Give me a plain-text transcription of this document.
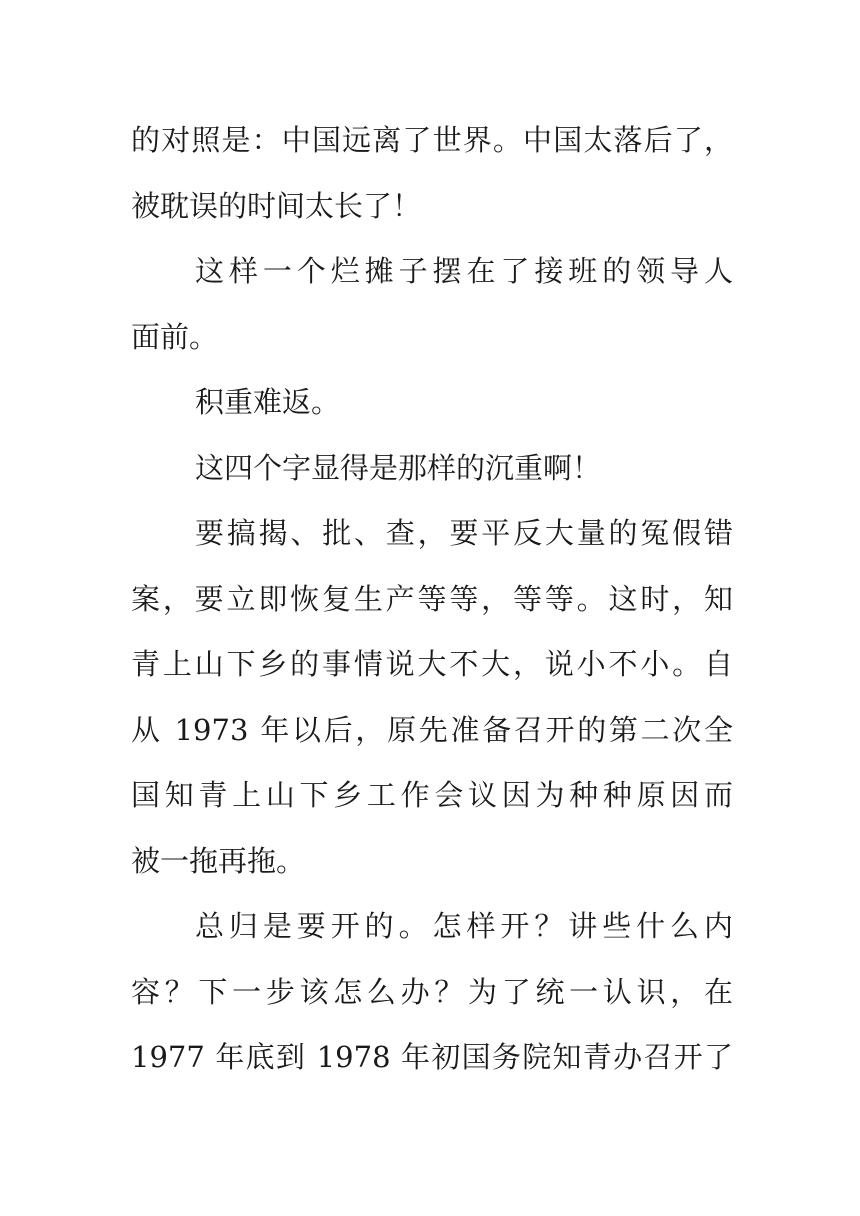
的对照是：中国远离了世界。中国太落后了，
被耽误的时间太长了！
这样一个烂摊子摆在了接班的领导人
面前。
积重难返。
这四个字显得是那样的沉重啊！
要搞揭、批、查，要平反大量的冤假错
案，要立即恢复生产等等，等等。这时，知
青上山下乡的事情说大不大，说小不小。自
从 1973 年以后，原先准备召开的第二次全
国知青上山下乡工作会议因为种种原因而
被一拖再拖。
总归是要开的。怎样开？讲些什么内
容？下一步该怎么办？为了统一认识，在
1977 年底到 1978 年初国务院知青办召开了
